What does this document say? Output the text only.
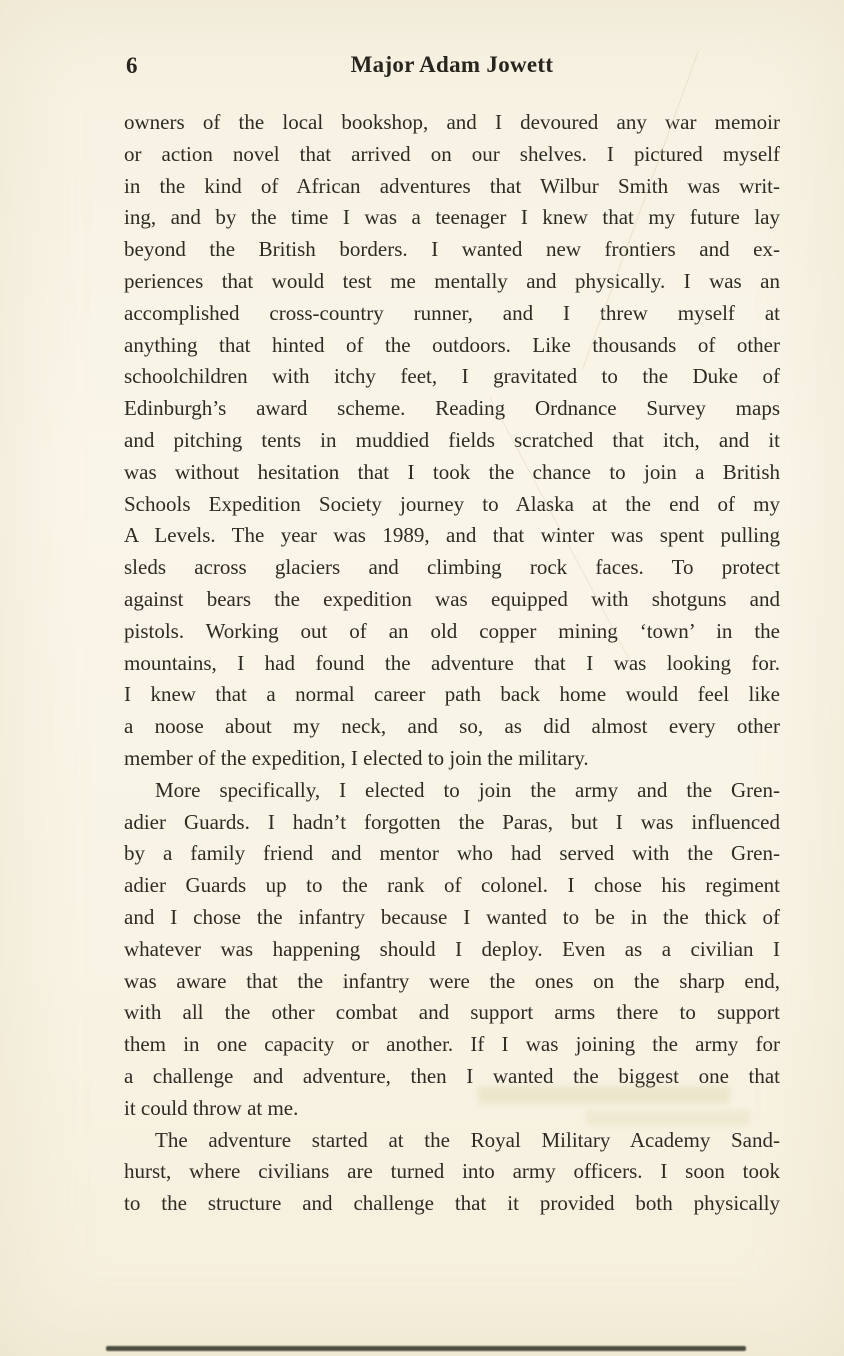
6	Major Adam Jowett
owners of the local bookshop, and I devoured any war memoir
or action novel that arrived on our shelves. I pictured myself
in the kind of African adventures that Wilbur Smith was writ-
ing, and by the time I was a teenager I knew that my future lay
beyond the British borders. I wanted new frontiers and ex-
periences that would test me mentally and physically. I was an
accomplished cross-country runner, and I threw myself at
anything that hinted of the outdoors. Like thousands of other
schoolchildren with itchy feet, I gravitated to the Duke of
Edinburgh’s award scheme. Reading Ordnance Survey maps
and pitching tents in muddied fields scratched that itch, and it
was without hesitation that I took the chance to join a British
Schools Expedition Society journey to Alaska at the end of my
A Levels. The year was 1989, and that winter was spent pulling
sleds across glaciers and climbing rock faces. To protect
against bears the expedition was equipped with shotguns and
pistols. Working out of an old copper mining ‘town’ in the
mountains, I had found the adventure that I was looking for.
I knew that a normal career path back home would feel like
a noose about my neck, and so, as did almost every other
member of the expedition, I elected to join the military.
More specifically, I elected to join the army and the Gren-
adier Guards. I hadn’t forgotten the Paras, but I was influenced
by a family friend and mentor who had served with the Gren-
adier Guards up to the rank of colonel. I chose his regiment
and I chose the infantry because I wanted to be in the thick of
whatever was happening should I deploy. Even as a civilian I
was aware that the infantry were the ones on the sharp end,
with all the other combat and support arms there to support
them in one capacity or another. If I was joining the army for
a challenge and adventure, then I wanted the biggest one that
it could throw at me.
The adventure started at the Royal Military Academy Sand-
hurst, where civilians are turned into army officers. I soon took
to the structure and challenge that it provided both physically
